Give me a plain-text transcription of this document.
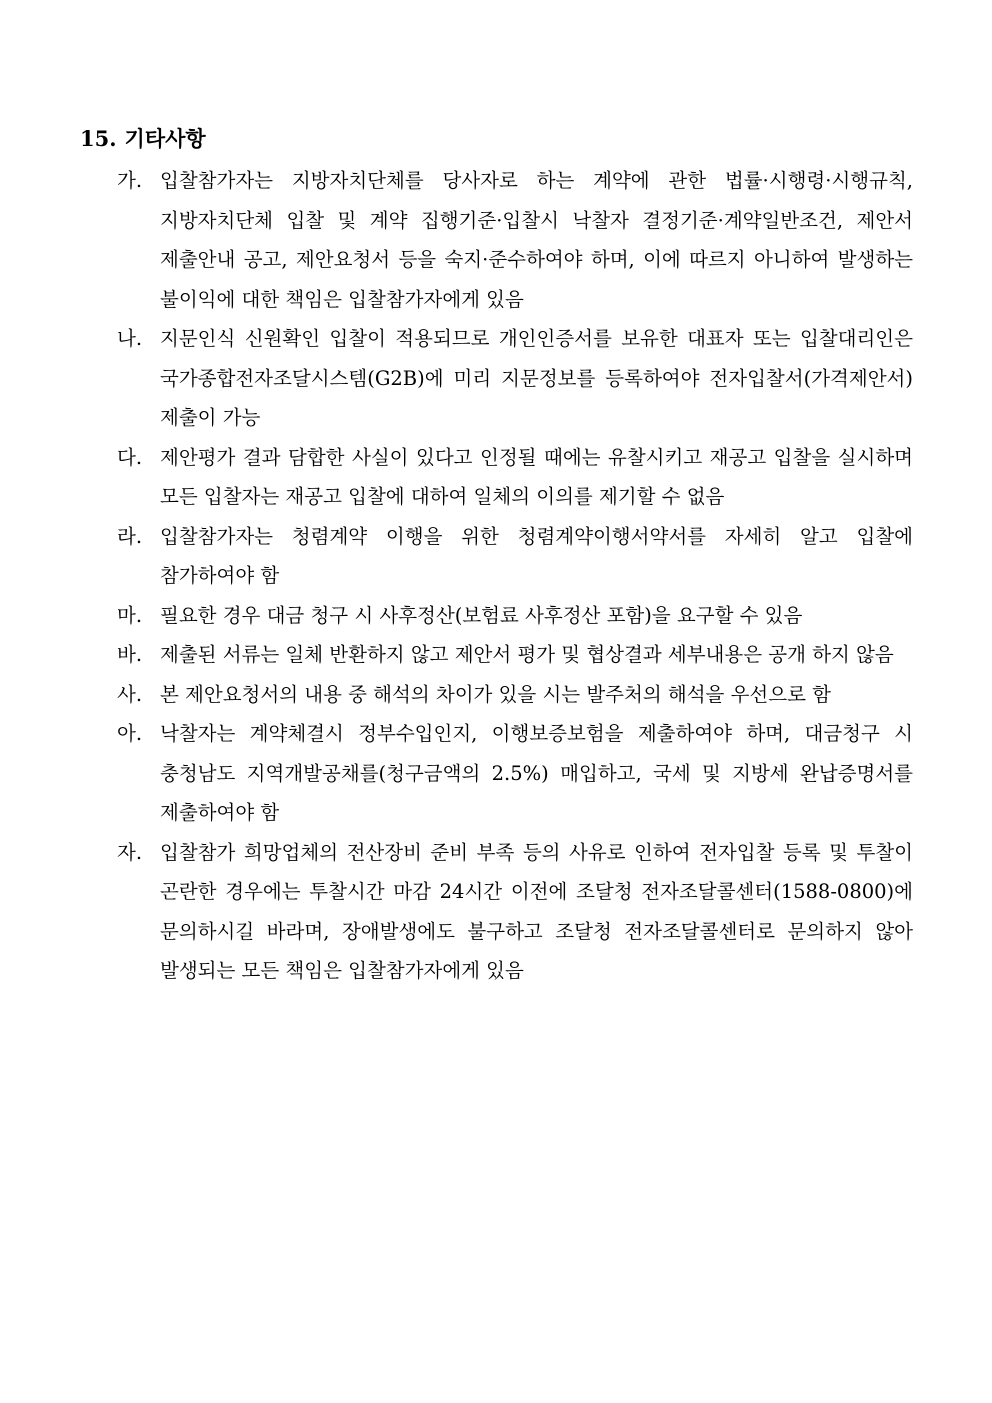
15. 기타사항
가. 입찰참가자는 지방자치단체를 당사자로 하는 계약에 관한 법률·시행령·시행규칙, 지방자치단체 입찰 및 계약 집행기준·입찰시 낙찰자 결정기준·계약일반조건, 제안서 제출안내 공고, 제안요청서 등을 숙지·준수하여야 하며, 이에 따르지 아니하여 발생하는 불이익에 대한 책임은 입찰참가자에게 있음
나. 지문인식 신원확인 입찰이 적용되므로 개인인증서를 보유한 대표자 또는 입찰대리인은 국가종합전자조달시스템(G2B)에 미리 지문정보를 등록하여야 전자입찰서(가격제안서) 제출이 가능
다. 제안평가 결과 담합한 사실이 있다고 인정될 때에는 유찰시키고 재공고 입찰을 실시하며 모든 입찰자는 재공고 입찰에 대하여 일체의 이의를 제기할 수 없음
라. 입찰참가자는 청렴계약 이행을 위한 청렴계약이행서약서를 자세히 알고 입찰에 참가하여야 함
마. 필요한 경우 대금 청구 시 사후정산(보험료 사후정산 포함)을 요구할 수 있음
바. 제출된 서류는 일체 반환하지 않고 제안서 평가 및 협상결과 세부내용은 공개 하지 않음
사. 본 제안요청서의 내용 중 해석의 차이가 있을 시는 발주처의 해석을 우선으로 함
아. 낙찰자는 계약체결시 정부수입인지, 이행보증보험을 제출하여야 하며, 대금청구 시 충청남도 지역개발공채를(청구금액의 2.5%) 매입하고, 국세 및 지방세 완납증명서를 제출하여야 함
자. 입찰참가 희망업체의 전산장비 준비 부족 등의 사유로 인하여 전자입찰 등록 및 투찰이 곤란한 경우에는 투찰시간 마감 24시간 이전에 조달청 전자조달콜센터(1588-0800)에 문의하시길 바라며, 장애발생에도 불구하고 조달청 전자조달콜센터로 문의하지 않아 발생되는 모든 책임은 입찰참가자에게 있음
